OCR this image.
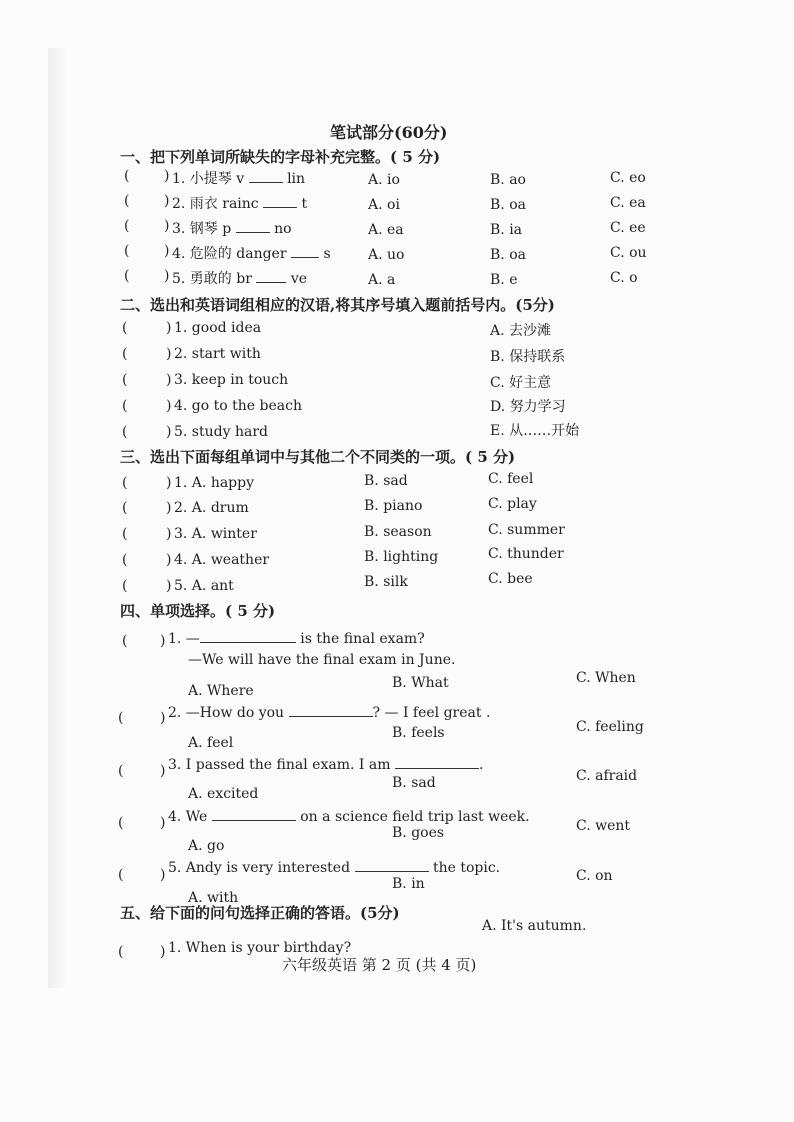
笔试部分(60分)
一、把下列单词所缺失的字母补充完整。( 5 分)
( ) 1. 小提琴 v	lin	A. io	B. ao	C. eo
( ) 2. 雨衣 rainc	t	A. oi	B. oa	C. ea
( ) 3. 钢琴 p	no	A. ea	B. ia	C. ee
( ) 4. 危险的 danger	s	A. uo	B. oa	C. ou
( ) 5. 勇敢的 br	ve	A. a	B. e	C. o
二、选出和英语词组相应的汉语,将其序号填入题前括号内。(5分)
(	) 1. good idea	A. 去沙滩
(	) 2. start with	B. 保持联系
(	) 3. keep in touch	C. 好主意
(	) 4. go to the beach	D. 努力学习
(	) 5. study hard	E. 从……开始
三、选出下面每组单词中与其他二个不同类的一项。( 5 分)
(	) 1. A. happy	B. sad	C. feel
(	) 2. A. drum	B. piano	C. play
(	) 3. A. winter	B. season	C. summer
(	) 4. A. weather	B. lighting	C. thunder
(	) 5. A. ant	B. silk	C. bee
四、单项选择。( 5 分)
( ) 1. —	is the final exam?
—We will have the final exam in June.
A. Where	B. What	C. When
(	) 2. —How do you	? — I feel great .
A. feel
B. feels	C. feeling
(	) 3. I passed the final exam. I am	.
A. excited
B. sad	C. afraid
(	) 4. We	on a science field trip last week.
A. go
B. goes	C. went
(	) 5. Andy is very interested	the topic.
A. with
B. in	C. on
五、给下面的问句选择正确的答语。(5分)
A. It's autumn.
(	) 1. When is your birthday?
六年级英语 第 2 页 (共 4 页)
